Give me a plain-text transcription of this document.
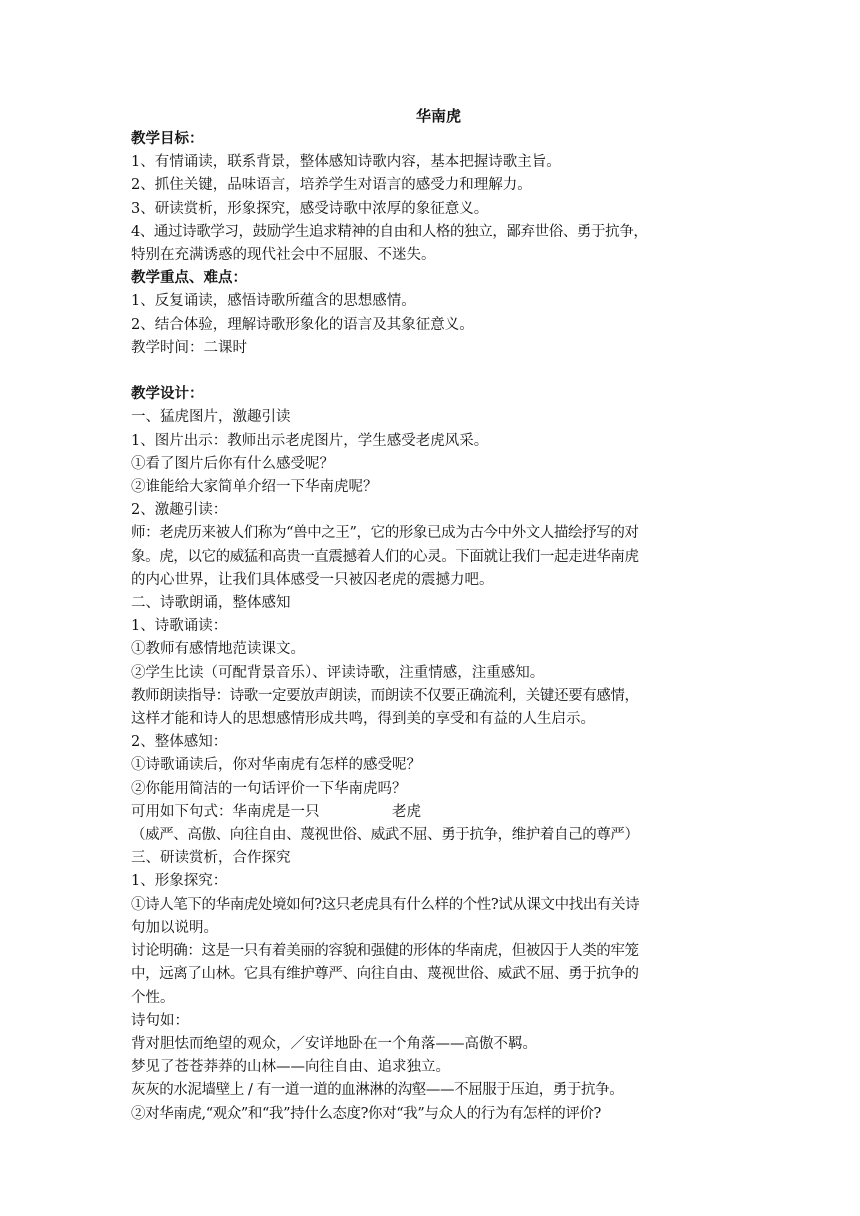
华南虎

教学目标：

1、有情诵读，联系背景，整体感知诗歌内容，基本把握诗歌主旨。

2、抓住关键，品味语言，培养学生对语言的感受力和理解力。

3、研读赏析，形象探究，感受诗歌中浓厚的象征意义。

4、通过诗歌学习，鼓励学生追求精神的自由和人格的独立，鄙弃世俗、勇于抗争，

特别在充满诱惑的现代社会中不屈服、不迷失。

教学重点、难点：

1、反复诵读，感悟诗歌所蕴含的思想感情。

2、结合体验，理解诗歌形象化的语言及其象征意义。

教学时间：二课时

教学设计：

一、猛虎图片，激趣引读

1、图片出示：教师出示老虎图片，学生感受老虎风采。

①看了图片后你有什么感受呢？

②谁能给大家简单介绍一下华南虎呢？

2、激趣引读：

师：老虎历来被人们称为“兽中之王”，它的形象已成为古今中外文人描绘抒写的对

象。虎，以它的威猛和高贵一直震撼着人们的心灵。下面就让我们一起走进华南虎

的内心世界，让我们具体感受一只被囚老虎的震撼力吧。

二、诗歌朗诵，整体感知

1、诗歌诵读：

①教师有感情地范读课文。

②学生比读（可配背景音乐）、评读诗歌，注重情感，注重感知。

教师朗读指导：诗歌一定要放声朗读，而朗读不仅要正确流利，关键还要有感情，

这样才能和诗人的思想感情形成共鸣，得到美的享受和有益的人生启示。

2、整体感知：

①诗歌诵读后，你对华南虎有怎样的感受呢？

②你能用简洁的一句话评价一下华南虎吗？

可用如下句式：华南虎是一只　　　　　老虎

（威严、高傲、向往自由、蔑视世俗、威武不屈、勇于抗争，维护着自己的尊严）

三、研读赏析，合作探究

1、形象探究：

①诗人笔下的华南虎处境如何?这只老虎具有什么样的个性?试从课文中找出有关诗

句加以说明。

讨论明确：这是一只有着美丽的容貌和强健的形体的华南虎，但被囚于人类的牢笼

中，远离了山林。它具有维护尊严、向往自由、蔑视世俗、威武不屈、勇于抗争的

个性。

诗句如：

背对胆怯而绝望的观众，／安详地卧在一个角落——高傲不羁。

梦见了苍苍莽莽的山林——向往自由、追求独立。

灰灰的水泥墙壁上 / 有一道一道的血淋淋的沟壑——不屈服于压迫，勇于抗争。

②对华南虎,“观众”和“我”持什么态度?你对“我”与众人的行为有怎样的评价?
